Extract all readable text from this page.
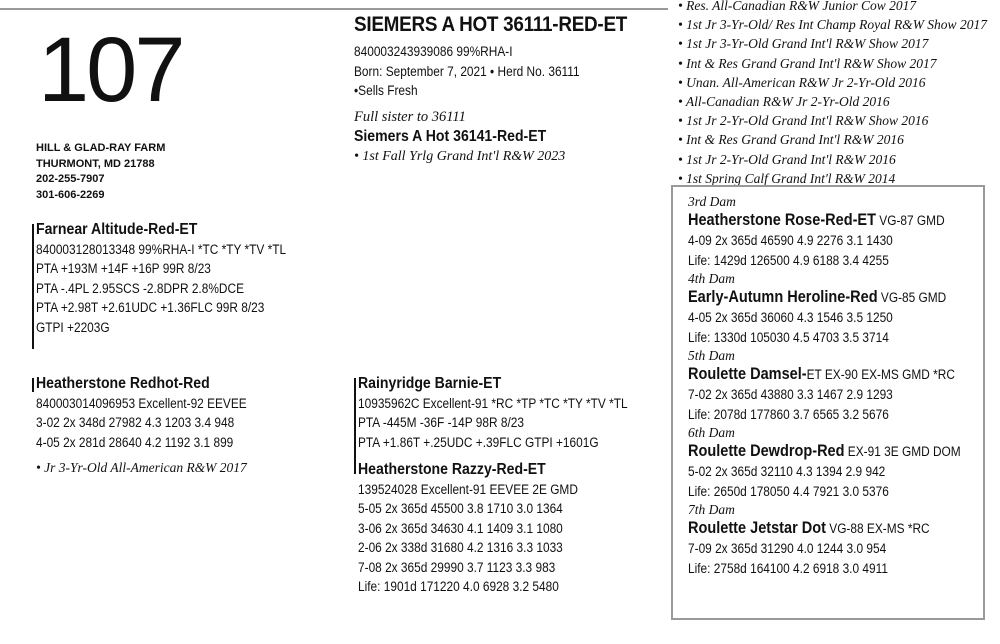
107
HILL & GLAD-RAY FARM
THURMONT, MD 21788
202-255-7907
301-606-2269
SIEMERS A HOT 36111-RED-ET
840003243939086 99%RHA-I
Born: September 7, 2021 • Herd No. 36111
•Sells Fresh
Full sister to 36111
Siemers A Hot 36141-Red-ET
• 1st Fall Yrlg Grand Int'l R&W 2023
• Res. All-Canadian R&W Junior Cow 2017
• 1st Jr 3-Yr-Old/ Res Int Champ Royal R&W Show 2017
• 1st Jr 3-Yr-Old Grand Int'l R&W Show 2017
• Int & Res Grand Grand Int'l R&W Show 2017
• Unan. All-American R&W Jr 2-Yr-Old 2016
• All-Canadian R&W Jr 2-Yr-Old 2016
• 1st Jr 2-Yr-Old Grand Int'l R&W Show 2016
• Int & Res Grand Grand Int'l R&W 2016
• 1st Jr 2-Yr-Old Grand Int'l R&W 2016
• 1st Spring Calf Grand Int'l R&W 2014
Farnear Altitude-Red-ET
840003128013348 99%RHA-I *TC *TY *TV *TL
PTA +193M +14F +16P 99R 8/23
PTA -.4PL 2.95SCS -2.8DPR 2.8%DCE
PTA +2.98T +2.61UDC +1.36FLC 99R 8/23
GTPI +2203G
Heatherstone Redhot-Red
840003014096953 Excellent-92 EEVEE
3-02 2x 348d 27982 4.3 1203 3.4 948
4-05 2x 281d 28640 4.2 1192 3.1 899
• Jr 3-Yr-Old All-American R&W 2017
Rainyridge Barnie-ET
10935962C Excellent-91 *RC *TP *TC *TY *TV *TL
PTA -445M -36F -14P 98R 8/23
PTA +1.86T +.25UDC +.39FLC GTPI +1601G
Heatherstone Razzy-Red-ET
139524028 Excellent-91 EEVEE 2E GMD
5-05 2x 365d 45500 3.8 1710 3.0 1364
3-06 2x 365d 34630 4.1 1409 3.1 1080
2-06 2x 338d 31680 4.2 1316 3.3 1033
7-08 2x 365d 29990 3.7 1123 3.3 983
Life: 1901d 171220 4.0 6928 3.2 5480
3rd Dam
Heatherstone Rose-Red-ET VG-87 GMD
4-09 2x 365d 46590 4.9 2276 3.1 1430
Life: 1429d 126500 4.9 6188 3.4 4255
4th Dam
Early-Autumn Heroline-Red VG-85 GMD
4-05 2x 365d 36060 4.3 1546 3.5 1250
Life: 1330d 105030 4.5 4703 3.5 3714
5th Dam
Roulette Damsel-ET EX-90 EX-MS GMD *RC
7-02 2x 365d 43880 3.3 1467 2.9 1293
Life: 2078d 177860 3.7 6565 3.2 5676
6th Dam
Roulette Dewdrop-Red EX-91 3E GMD DOM
5-02 2x 365d 32110 4.3 1394 2.9 942
Life: 2650d 178050 4.4 7921 3.0 5376
7th Dam
Roulette Jetstar Dot VG-88 EX-MS *RC
7-09 2x 365d 31290 4.0 1244 3.0 954
Life: 2758d 164100 4.2 6918 3.0 4911
